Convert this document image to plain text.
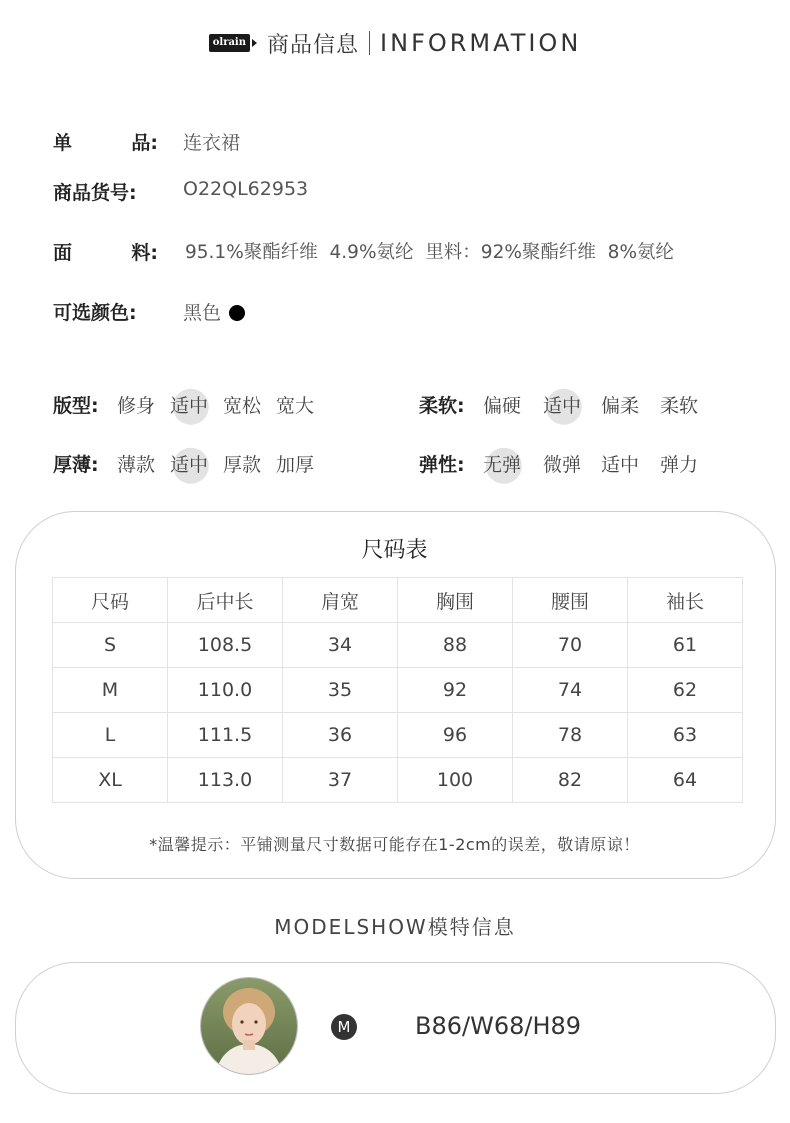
olrain 商品信息 INFORMATION
单	品: 连衣裙
商品货号: O22QL62953
面	料: 95.1%聚酯纤维  4.9%氨纶  里料：92%聚酯纤维  8%氨纶
可选颜色: 黑色
版型: 修身 适中 宽松 宽大	柔软: 偏硬 适中 偏柔 柔软
厚薄: 薄款 适中 厚款 加厚	弹性: 无弹 微弹 适中 弹力
尺码表
尺码	后中长	肩宽	胸围	腰围	袖长
S	108.5	34	88	70	61
M	110.0	35	92	74	62
L	111.5	36	96	78	63
XL	113.0	37	100	82	64
*温馨提示：平铺测量尺寸数据可能存在1-2cm的误差，敬请原谅！
MODELSHOW模特信息
M	B86/W68/H89
